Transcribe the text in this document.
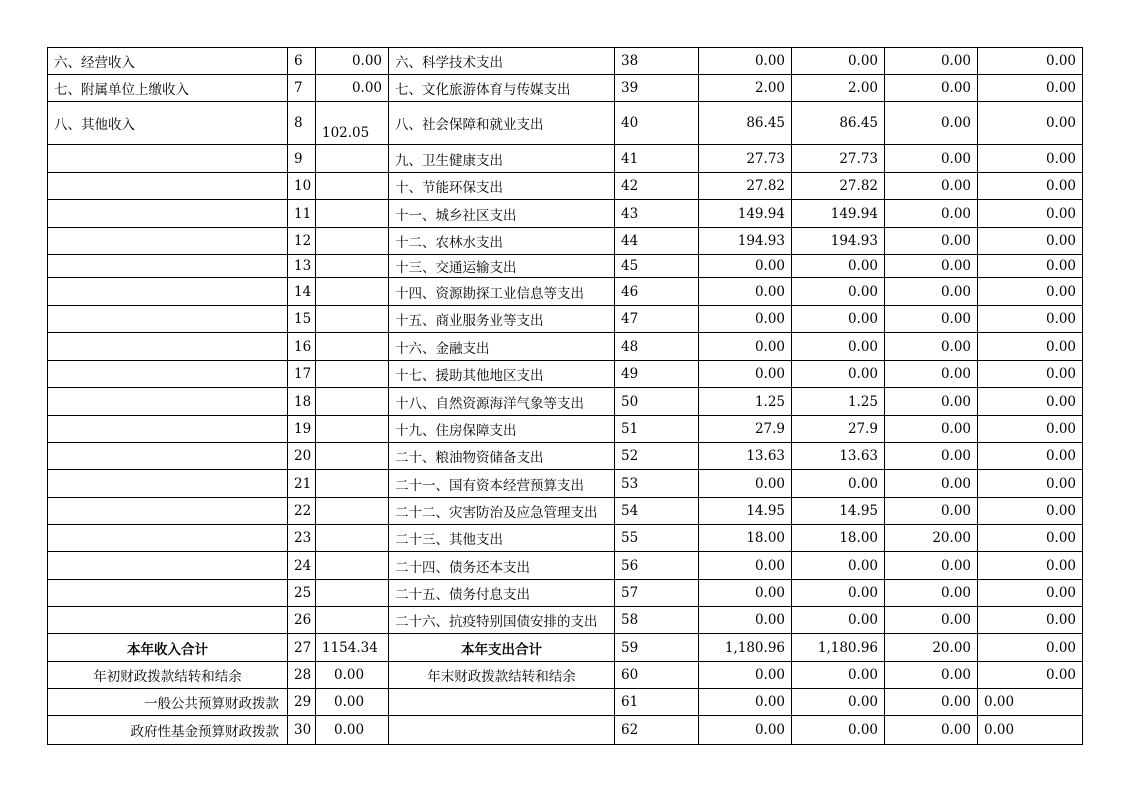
六、经营收入	6	0.00	六、科学技术支出	38	0.00	0.00	0.00	0.00
七、附属单位上缴收入	7	0.00	七、文化旅游体育与传媒支出	39	2.00	2.00	0.00	0.00
八、其他收入	8	102.05	八、社会保障和就业支出	40	86.45	86.45	0.00	0.00
	9		九、卫生健康支出	41	27.73	27.73	0.00	0.00
	10		十、节能环保支出	42	27.82	27.82	0.00	0.00
	11		十一、城乡社区支出	43	149.94	149.94	0.00	0.00
	12		十二、农林水支出	44	194.93	194.93	0.00	0.00
	13		十三、交通运输支出	45	0.00	0.00	0.00	0.00
	14		十四、资源勘探工业信息等支出	46	0.00	0.00	0.00	0.00
	15		十五、商业服务业等支出	47	0.00	0.00	0.00	0.00
	16		十六、金融支出	48	0.00	0.00	0.00	0.00
	17		十七、援助其他地区支出	49	0.00	0.00	0.00	0.00
	18		十八、自然资源海洋气象等支出	50	1.25	1.25	0.00	0.00
	19		十九、住房保障支出	51	27.9	27.9	0.00	0.00
	20		二十、粮油物资储备支出	52	13.63	13.63	0.00	0.00
	21		二十一、国有资本经营预算支出	53	0.00	0.00	0.00	0.00
	22		二十二、灾害防治及应急管理支出	54	14.95	14.95	0.00	0.00
	23		二十三、其他支出	55	18.00	18.00	20.00	0.00
	24		二十四、债务还本支出	56	0.00	0.00	0.00	0.00
	25		二十五、债务付息支出	57	0.00	0.00	0.00	0.00
	26		二十六、抗疫特别国债安排的支出	58	0.00	0.00	0.00	0.00
本年收入合计	27	1154.34	本年支出合计	59	1,180.96	1,180.96	20.00	0.00
年初财政拨款结转和结余	28	0.00	年末财政拨款结转和结余	60	0.00	0.00	0.00	0.00
一般公共预算财政拨款	29	0.00		61	0.00	0.00	0.00	0.00
政府性基金预算财政拨款	30	0.00		62	0.00	0.00	0.00	0.00
